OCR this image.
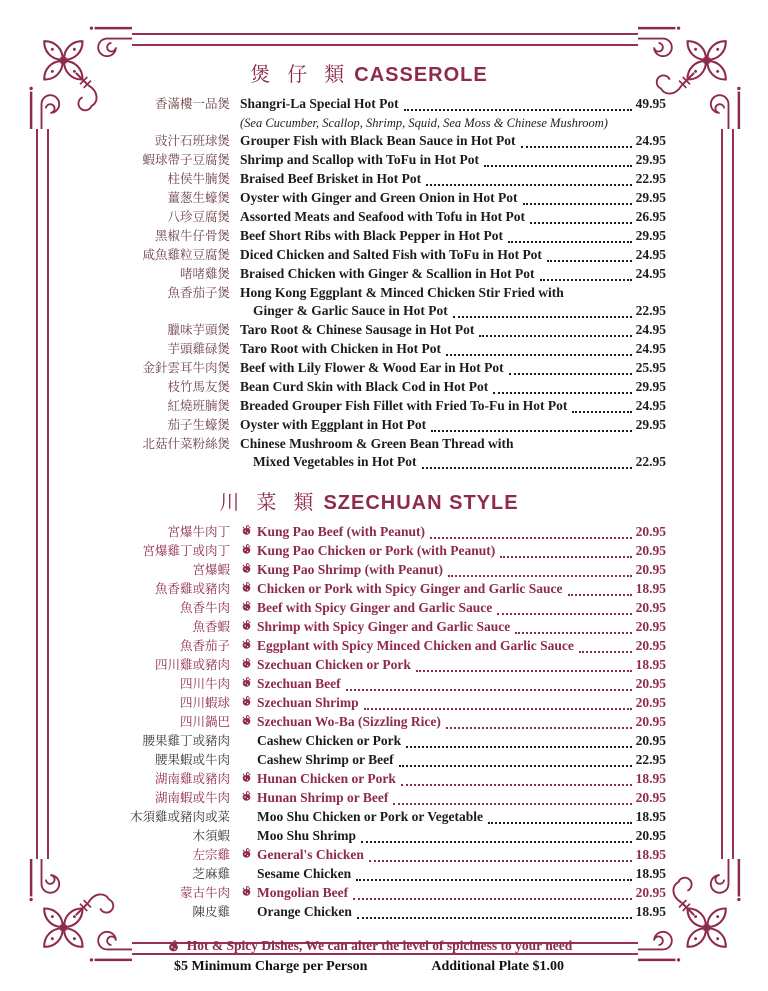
煲 仔 類 CASSEROLE
香滿樓一品煲 Shangri-La Special Hot Pot	49.95
(Sea Cucumber, Scallop, Shrimp, Squid, Sea Moss & Chinese Mushroom)
豉汁石班球煲 Grouper Fish with Black Bean Sauce in Hot Pot	24.95
蝦球帶子豆腐煲 Shrimp and Scallop with ToFu in Hot Pot	29.95
柱侯牛腩煲 Braised Beef Brisket in Hot Pot	22.95
薑葱生蠔煲 Oyster with Ginger and Green Onion in Hot Pot	29.95
八珍豆腐煲 Assorted Meats and Seafood with Tofu in Hot Pot	26.95
黑椒牛仔骨煲 Beef Short Ribs with Black Pepper in Hot Pot	29.95
咸魚雞粒豆腐煲 Diced Chicken and Salted Fish with ToFu in Hot Pot	24.95
啫啫雞煲 Braised Chicken with Ginger & Scallion in Hot Pot	24.95
魚香茄子煲 Hong Kong Eggplant & Minced Chicken Stir Fried with
Ginger & Garlic Sauce in Hot Pot	22.95
臘味芋頭煲 Taro Root & Chinese Sausage in Hot Pot	24.95
芋頭雞碌煲 Taro Root with Chicken in Hot Pot	24.95
金針雲耳牛肉煲 Beef with Lily Flower & Wood Ear in Hot Pot	25.95
枝竹馬友煲 Bean Curd Skin with Black Cod in Hot Pot	29.95
紅燒班腩煲 Breaded Grouper Fish Fillet with Fried To-Fu in Hot Pot	24.95
茄子生蠔煲 Oyster with Eggplant in Hot Pot	29.95
北菇什菜粉絲煲 Chinese Mushroom & Green Bean Thread with
Mixed Vegetables in Hot Pot	22.95
川 菜 類 SZECHUAN STYLE
宮爆牛肉丁	Kung Pao Beef (with Peanut)	20.95
宮爆雞丁或肉丁	Kung Pao Chicken or Pork (with Peanut)	20.95
宮爆蝦	Kung Pao Shrimp (with Peanut)	20.95
魚香雞或豬肉	Chicken or Pork with Spicy Ginger and Garlic Sauce	18.95
魚香牛肉	Beef with Spicy Ginger and Garlic Sauce	20.95
魚香蝦	Shrimp with Spicy Ginger and Garlic Sauce	20.95
魚香茄子	Eggplant with Spicy Minced Chicken and Garlic Sauce	20.95
四川雞或豬肉	Szechuan Chicken or Pork	18.95
四川牛肉	Szechuan Beef	20.95
四川蝦球	Szechuan Shrimp	20.95
四川鍋巴	Szechuan Wo-Ba (Sizzling Rice)	20.95
腰果雞丁或豬肉	Cashew Chicken or Pork	20.95
腰果蝦或牛肉	Cashew Shrimp or Beef	22.95
湖南雞或豬肉	Hunan Chicken or Pork	18.95
湖南蝦或牛肉	Hunan Shrimp or Beef	20.95
木須雞或豬肉或菜	Moo Shu Chicken or Pork or Vegetable	18.95
木須蝦	Moo Shu Shrimp	20.95
左宗雞	General's Chicken	18.95
芝麻雞	Sesame Chicken	18.95
蒙古牛肉	Mongolian Beef	20.95
陳皮雞	Orange Chicken	18.95
Hot & Spicy Dishes, We can alter the level of spiciness to your need
$5 Minimum Charge per Person	Additional Plate $1.00
